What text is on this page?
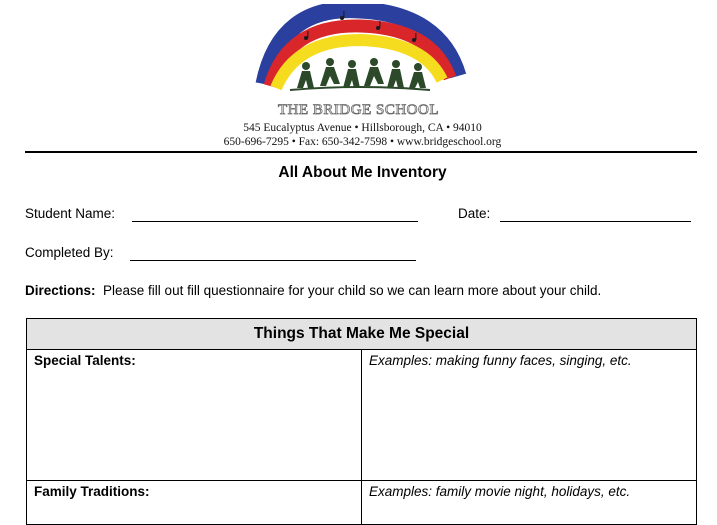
THE BRIDGE SCHOOL
545 Eucalyptus Avenue • Hillsborough, CA • 94010
650-696-7295 • Fax: 650-342-7598 • www.bridgeschool.org
All About Me Inventory
Student Name:	Date:
Completed By:
Directions: Please fill out fill questionnaire for your child so we can learn more about your child.
Things That Make Me Special	
Special Talents:	Examples: making funny faces, singing, etc.
Family Traditions:	Examples: family movie night, holidays, etc.
